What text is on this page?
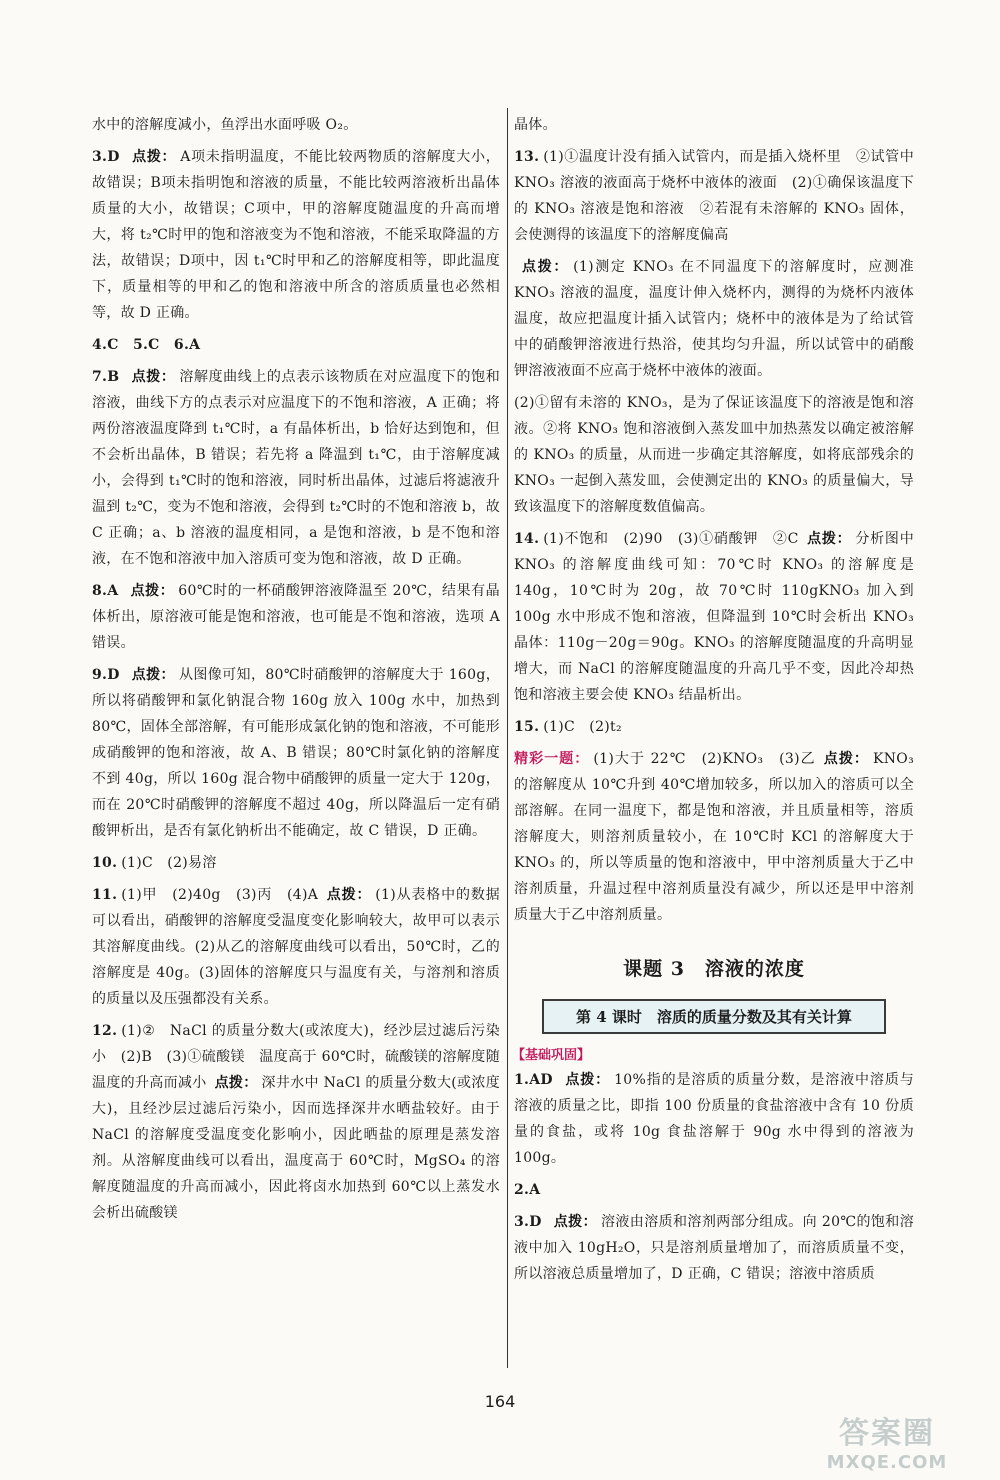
水中的溶解度减小，鱼浮出水面呼吸 O₂。

3.D 点拨： A项未指明温度，不能比较两物质的溶解度大小，故错误；B项未指明饱和溶液的质量，不能比较两溶液析出晶体质量的大小，故错误；C项中，甲的溶解度随温度的升高而增大，将 t₂℃时甲的饱和溶液变为不饱和溶液，不能采取降温的方法，故错误；D项中，因 t₁℃时甲和乙的溶解度相等，即此温度下，质量相等的甲和乙的饱和溶液中所含的溶质质量也必然相等，故 D 正确。

4.C　5.C　6.A

7.B 点拨： 溶解度曲线上的点表示该物质在对应温度下的饱和溶液，曲线下方的点表示对应温度下的不饱和溶液，A 正确；将两份溶液温度降到 t₁℃时，a 有晶体析出，b 恰好达到饱和，但不会析出晶体，B 错误；若先将 a 降温到 t₁℃，由于溶解度减小，会得到 t₁℃时的饱和溶液，同时析出晶体，过滤后将滤液升温到 t₂℃，变为不饱和溶液，会得到 t₂℃时的不饱和溶液 b，故 C 正确；a、b 溶液的温度相同，a 是饱和溶液，b 是不饱和溶液，在不饱和溶液中加入溶质可变为饱和溶液，故 D 正确。

8.A 点拨： 60℃时的一杯硝酸钾溶液降温至 20℃，结果有晶体析出，原溶液可能是饱和溶液，也可能是不饱和溶液，选项 A 错误。

9.D 点拨： 从图像可知，80℃时硝酸钾的溶解度大于 160g，所以将硝酸钾和氯化钠混合物 160g 放入 100g 水中，加热到 80℃，固体全部溶解，有可能形成氯化钠的饱和溶液，不可能形成硝酸钾的饱和溶液，故 A、B 错误；80℃时氯化钠的溶解度不到 40g，所以 160g 混合物中硝酸钾的质量一定大于 120g，而在 20℃时硝酸钾的溶解度不超过 40g，所以降温后一定有硝酸钾析出，是否有氯化钠析出不能确定，故 C 错误，D 正确。

10. (1)C　(2)易溶

11. (1)甲　(2)40g　(3)丙　(4)A 点拨： (1)从表格中的数据可以看出，硝酸钾的溶解度受温度变化影响较大，故甲可以表示其溶解度曲线。(2)从乙的溶解度曲线可以看出，50℃时，乙的溶解度是 40g。(3)固体的溶解度只与温度有关，与溶剂和溶质的质量以及压强都没有关系。

12. (1)②　NaCl 的质量分数大(或浓度大)，经沙层过滤后污染小　(2)B　(3)①硫酸镁　温度高于 60℃时，硫酸镁的溶解度随温度的升高而减小 点拨： 深井水中 NaCl 的质量分数大(或浓度大)，且经沙层过滤后污染小，因而选择深井水晒盐较好。由于 NaCl 的溶解度受温度变化影响小，因此晒盐的原理是蒸发溶剂。从溶解度曲线可以看出，温度高于 60℃时，MgSO₄ 的溶解度随温度的升高而减小，因此将卤水加热到 60℃以上蒸发水会析出硫酸镁

晶体。

13. (1)①温度计没有插入试管内，而是插入烧杯里　②试管中 KNO₃ 溶液的液面高于烧杯中液体的液面　(2)①确保该温度下的 KNO₃ 溶液是饱和溶液　②若混有未溶解的 KNO₃ 固体，会使测得的该温度下的溶解度偏高

点拨： (1)测定 KNO₃ 在不同温度下的溶解度时，应测准 KNO₃ 溶液的温度，温度计伸入烧杯内，测得的为烧杯内液体温度，故应把温度计插入试管内；烧杯中的液体是为了给试管中的硝酸钾溶液进行热浴，使其均匀升温，所以试管中的硝酸钾溶液液面不应高于烧杯中液体的液面。

(2)①留有未溶的 KNO₃，是为了保证该温度下的溶液是饱和溶液。②将 KNO₃ 饱和溶液倒入蒸发皿中加热蒸发以确定被溶解的 KNO₃ 的质量，从而进一步确定其溶解度，如将底部残余的 KNO₃ 一起倒入蒸发皿，会使测定出的 KNO₃ 的质量偏大，导致该温度下的溶解度数值偏高。

14. (1)不饱和　(2)90　(3)①硝酸钾　②C 点拨： 分析图中 KNO₃ 的溶解度曲线可知：70℃时 KNO₃ 的溶解度是 140g，10℃时为 20g，故 70℃时 110gKNO₃ 加入到 100g 水中形成不饱和溶液，但降温到 10℃时会析出 KNO₃ 晶体：110g－20g＝90g。KNO₃ 的溶解度随温度的升高明显增大，而 NaCl 的溶解度随温度的升高几乎不变，因此冷却热饱和溶液主要会使 KNO₃ 结晶析出。

15. (1)C　(2)t₂

精彩一题： (1)大于 22℃　(2)KNO₃　(3)乙 点拨： KNO₃ 的溶解度从 10℃升到 40℃增加较多，所以加入的溶质可以全部溶解。在同一温度下，都是饱和溶液，并且质量相等，溶质溶解度大，则溶剂质量较小，在 10℃时 KCl 的溶解度大于 KNO₃ 的，所以等质量的饱和溶液中，甲中溶剂质量大于乙中溶剂质量，升温过程中溶剂质量没有减少，所以还是甲中溶剂质量大于乙中溶剂质量。

课题 3　溶液的浓度
第 4 课时　溶质的质量分数及其有关计算
【基础巩固】

1.AD 点拨： 10%指的是溶质的质量分数，是溶液中溶质与溶液的质量之比，即指 100 份质量的食盐溶液中含有 10 份质量的食盐，或将 10g 食盐溶解于 90g 水中得到的溶液为 100g。

2.A

3.D 点拨： 溶液由溶质和溶剂两部分组成。向 20℃的饱和溶液中加入 10gH₂O，只是溶剂质量增加了，而溶质质量不变，所以溶液总质量增加了，D 正确，C 错误；溶液中溶质质

164
答案圈
MXQE.COM
